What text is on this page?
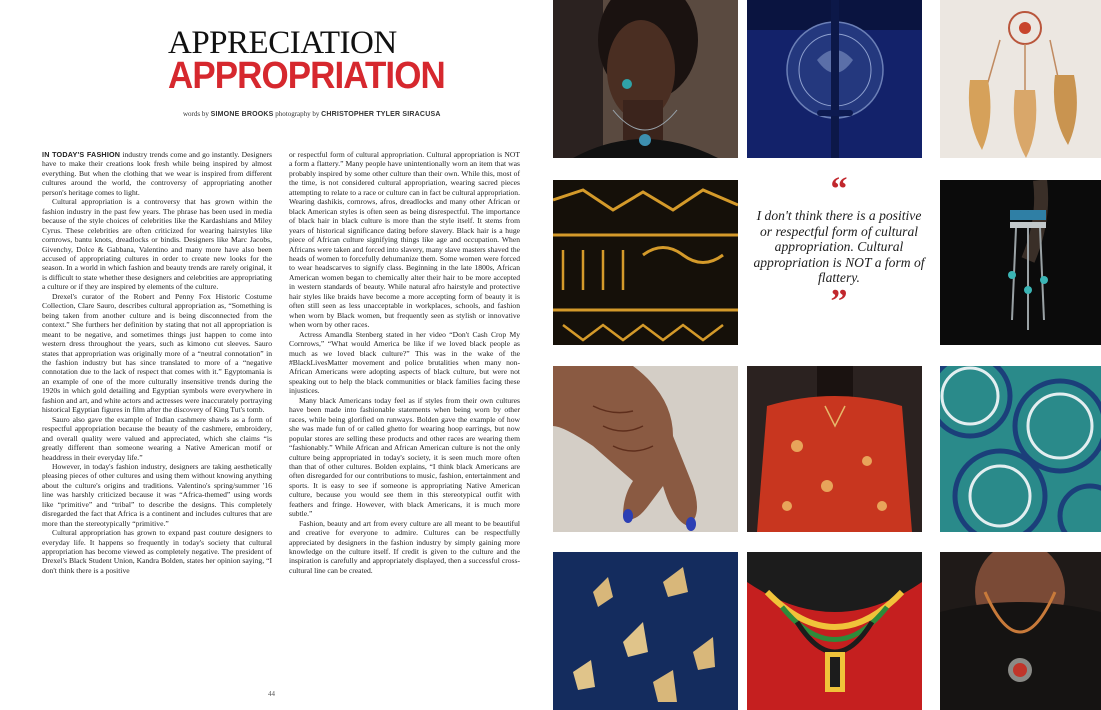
APPRECIATION
APPROPRIATION
words by SIMONE BROOKS photography by CHRISTOPHER TYLER SIRACUSA

IN TODAY'S FASHION industry trends come and go instantly. Designers have to make their creations look fresh while being inspired by almost everything. But when the clothing that we wear is inspired from different cultures around the world, the controversy of appropriating another person's heritage comes to light.

Cultural appropriation is a controversy that has grown within the fashion industry in the past few years. The phrase has been used in media because of the style choices of celebrities like the Kardashians and Miley Cyrus. These celebrities are often criticized for wearing hairstyles like cornrows, bantu knots, dreadlocks or bindis. Designers like Marc Jacobs, Givenchy, Dolce & Gabbana, Valentino and many more have also been accused of appropriating cultures in order to create new looks for the season. In a world in which fashion and beauty trends are rarely original, it is difficult to state whether these designers and celebrities are appropriating a culture or if they are inspired by elements of the culture.

Drexel's curator of the Robert and Penny Fox Historic Costume Collection, Clare Sauro, describes cultural appropriation as, “Something is being taken from another culture and is being disconnected from the context.” She furthers her definition by stating that not all appropriation is meant to be negative, and sometimes things just happen to come into western dress throughout the years, such as kimono cut sleeves. Sauro states that appropriation was originally more of a “neutral connotation” in the fashion industry but has since translated to more of a “negative connotation due to the lack of respect that comes with it.” Egyptomania is an example of one of the more culturally insensitive trends during the 1920s in which gold detailing and Egyptian symbols were everywhere in fashion and art, and white actors and actresses were inaccurately portraying historical Egyptian figures in film after the discovery of King Tut's tomb.

Sauro also gave the example of Indian cashmere shawls as a form of respectful appropriation because the beauty of the cashmere, embroidery, and overall quality were valued and appreciated, which she claims “is greatly different than someone wearing a Native American motif or headdress in their everyday life.”

However, in today's fashion industry, designers are taking aesthetically pleasing pieces of other cultures and using them without knowing anything about the culture's origins and traditions. Valentino's spring/summer '16 line was harshly criticized because it was “Africa-themed” using words like “primitive” and “tribal” to describe the designs. This completely disregarded the fact that Africa is a continent and includes cultures that are more than the stereotypically “primitive.”

Cultural appropriation has grown to expand past couture designers to everyday life. It happens so frequently in today's society that cultural appropriation has become viewed as completely negative. The president of Drexel's Black Student Union, Kandra Bolden, states her opinion saying, “I don't think there is a positive

or respectful form of cultural appropriation. Cultural appropriation is NOT a form a flattery.” Many people have unintentionally worn an item that was probably inspired by some other culture than their own. While this, most of the time, is not considered cultural appropriation, wearing sacred pieces attempting to relate to a race or culture can in fact be cultural appropriation. Wearing dashikis, cornrows, afros, dreadlocks and many other African or black American styles is often seen as being disrespectful. The importance of black hair in black culture is more than the style itself. It stems from years of historical significance dating before slavery. Black hair is a huge piece of African culture signifying things like age and occupation. When Africans were taken and forced into slavery, many slave masters shaved the heads of women to forcefully dehumanize them. Some women were forced to wear headscarves to signify class. Beginning in the late 1800s, African American women began to chemically alter their hair to be more accepted in western standards of beauty. While natural afro hairstyle and protective hair styles like braids have become a more accepting form of beauty it is often still seen as less unacceptable in workplaces, schools, and fashion when worn by Black women, but frequently seen as stylish or innovative when worn by other races.

Actress Amandla Stenberg stated in her video “Don't Cash Crop My Cornrows,” “What would America be like if we loved black people as much as we loved black culture?” This was in the wake of the #BlackLivesMatter movement and police brutalities when many non-African Americans were adopting aspects of black culture, but were not speaking out to help the black communities or black families facing these injustices.

Many black Americans today feel as if styles from their own cultures have been made into fashionable statements when being worn by other races, while being glorified on runways. Bolden gave the example of how she was made fun of or called ghetto for wearing hoop earrings, but now popular stores are selling these products and other races are wearing them “fashionably.” While African and African American culture is not the only culture being appropriated in today's society, it is seen much more often than that of other cultures. Bolden explains, “I think black Americans are often disregarded for our contributions to music, fashion, entertainment and sports. It is easy to see if someone is appropriating Native American culture, because you would see them in this stereotypical outfit with feathers and fringe. However, with black Americans, it is much more subtle.”

Fashion, beauty and art from every culture are all meant to be beautiful and creative for everyone to admire. Cultures can be respectfully appreciated by designers in the fashion industry by simply gaining more knowledge on the culture itself. If credit is given to the culture and the inspiration is carefully and appropriately displayed, then a successful cross-cultural line can be created.

44
“

I don't think there is a positive or respectful form of cultural appropriation. Cultural appropriation is NOT a form of flattery.

”
